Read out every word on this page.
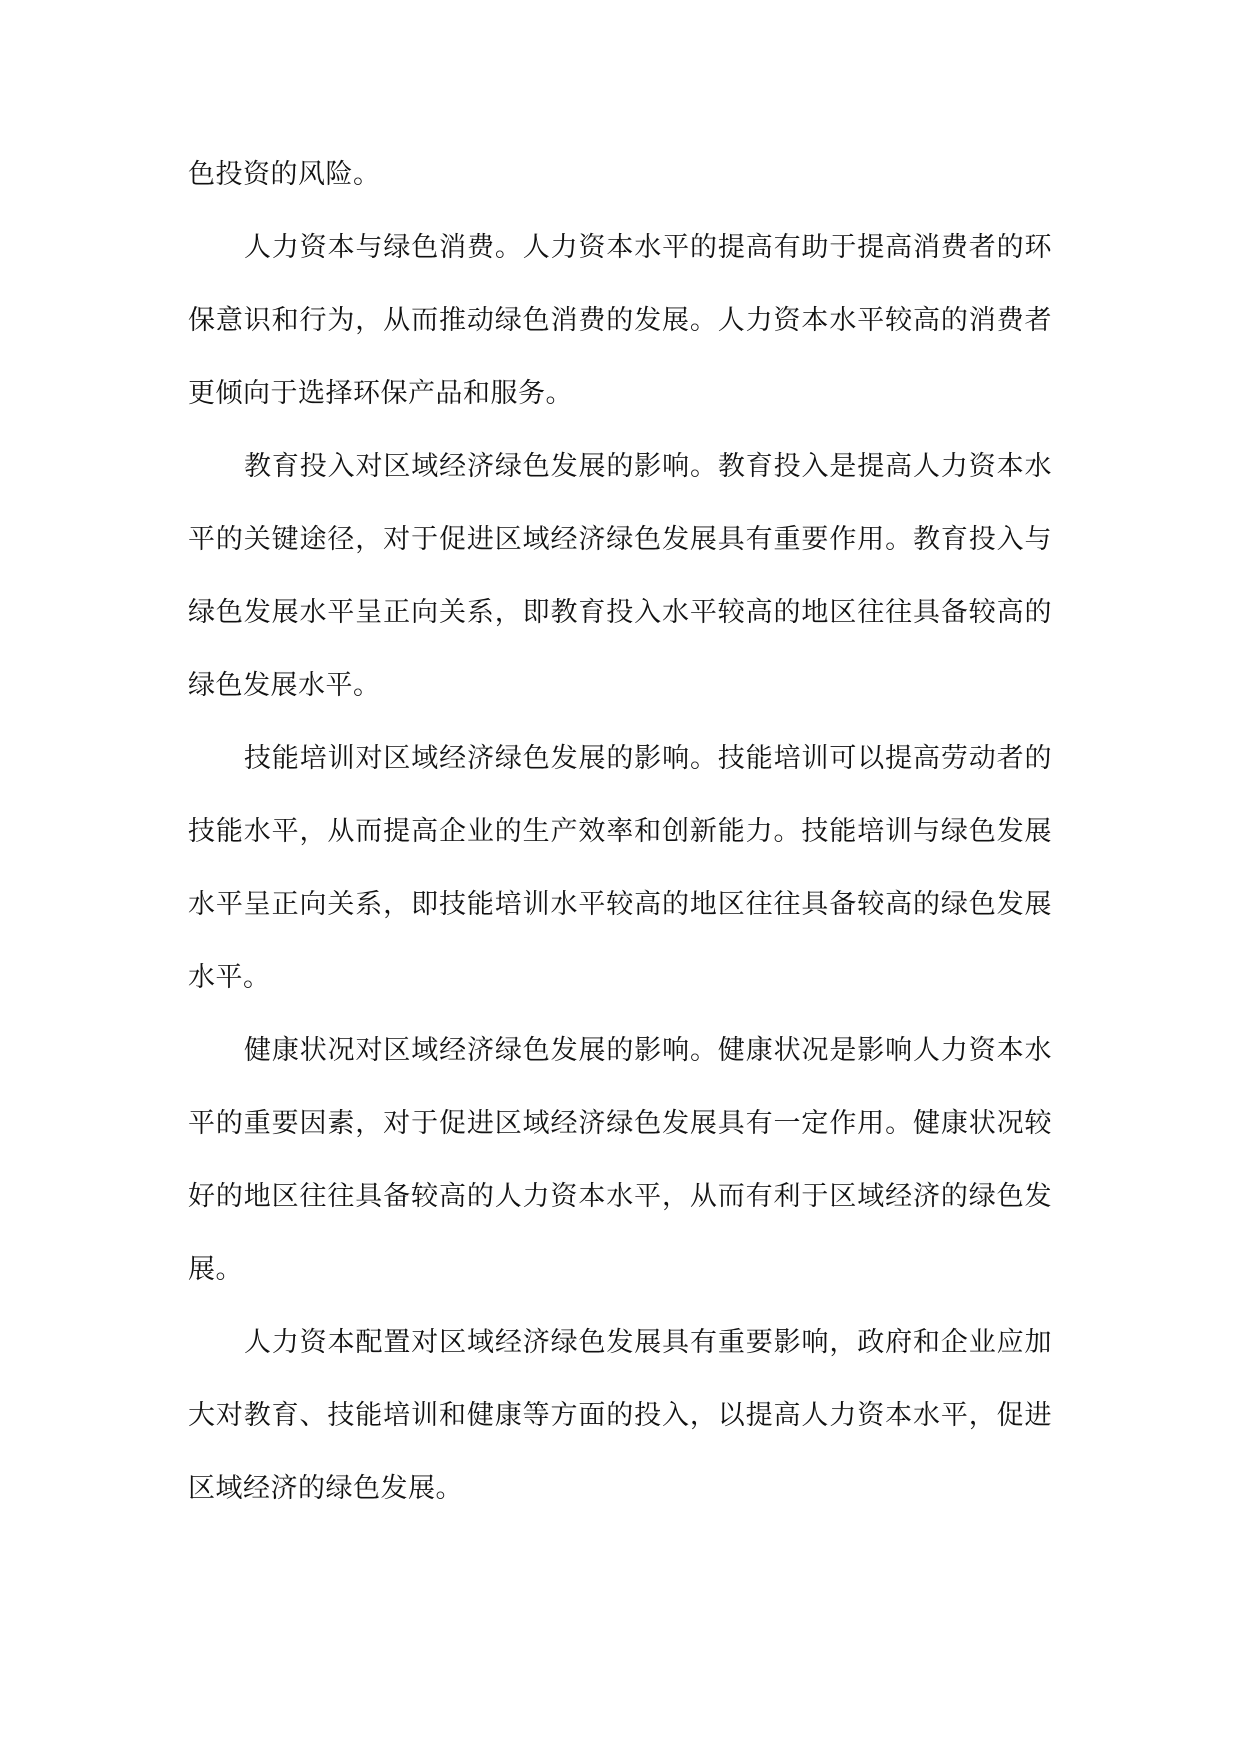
色投资的风险。

人力资本与绿色消费。人力资本水平的提高有助于提高消费者的环保意识和行为，从而推动绿色消费的发展。人力资本水平较高的消费者更倾向于选择环保产品和服务。

教育投入对区域经济绿色发展的影响。教育投入是提高人力资本水平的关键途径，对于促进区域经济绿色发展具有重要作用。教育投入与绿色发展水平呈正向关系，即教育投入水平较高的地区往往具备较高的绿色发展水平。

技能培训对区域经济绿色发展的影响。技能培训可以提高劳动者的技能水平，从而提高企业的生产效率和创新能力。技能培训与绿色发展水平呈正向关系，即技能培训水平较高的地区往往具备较高的绿色发展水平。

健康状况对区域经济绿色发展的影响。健康状况是影响人力资本水平的重要因素，对于促进区域经济绿色发展具有一定作用。健康状况较好的地区往往具备较高的人力资本水平，从而有利于区域经济的绿色发展。

人力资本配置对区域经济绿色发展具有重要影响，政府和企业应加大对教育、技能培训和健康等方面的投入，以提高人力资本水平，促进区域经济的绿色发展。
